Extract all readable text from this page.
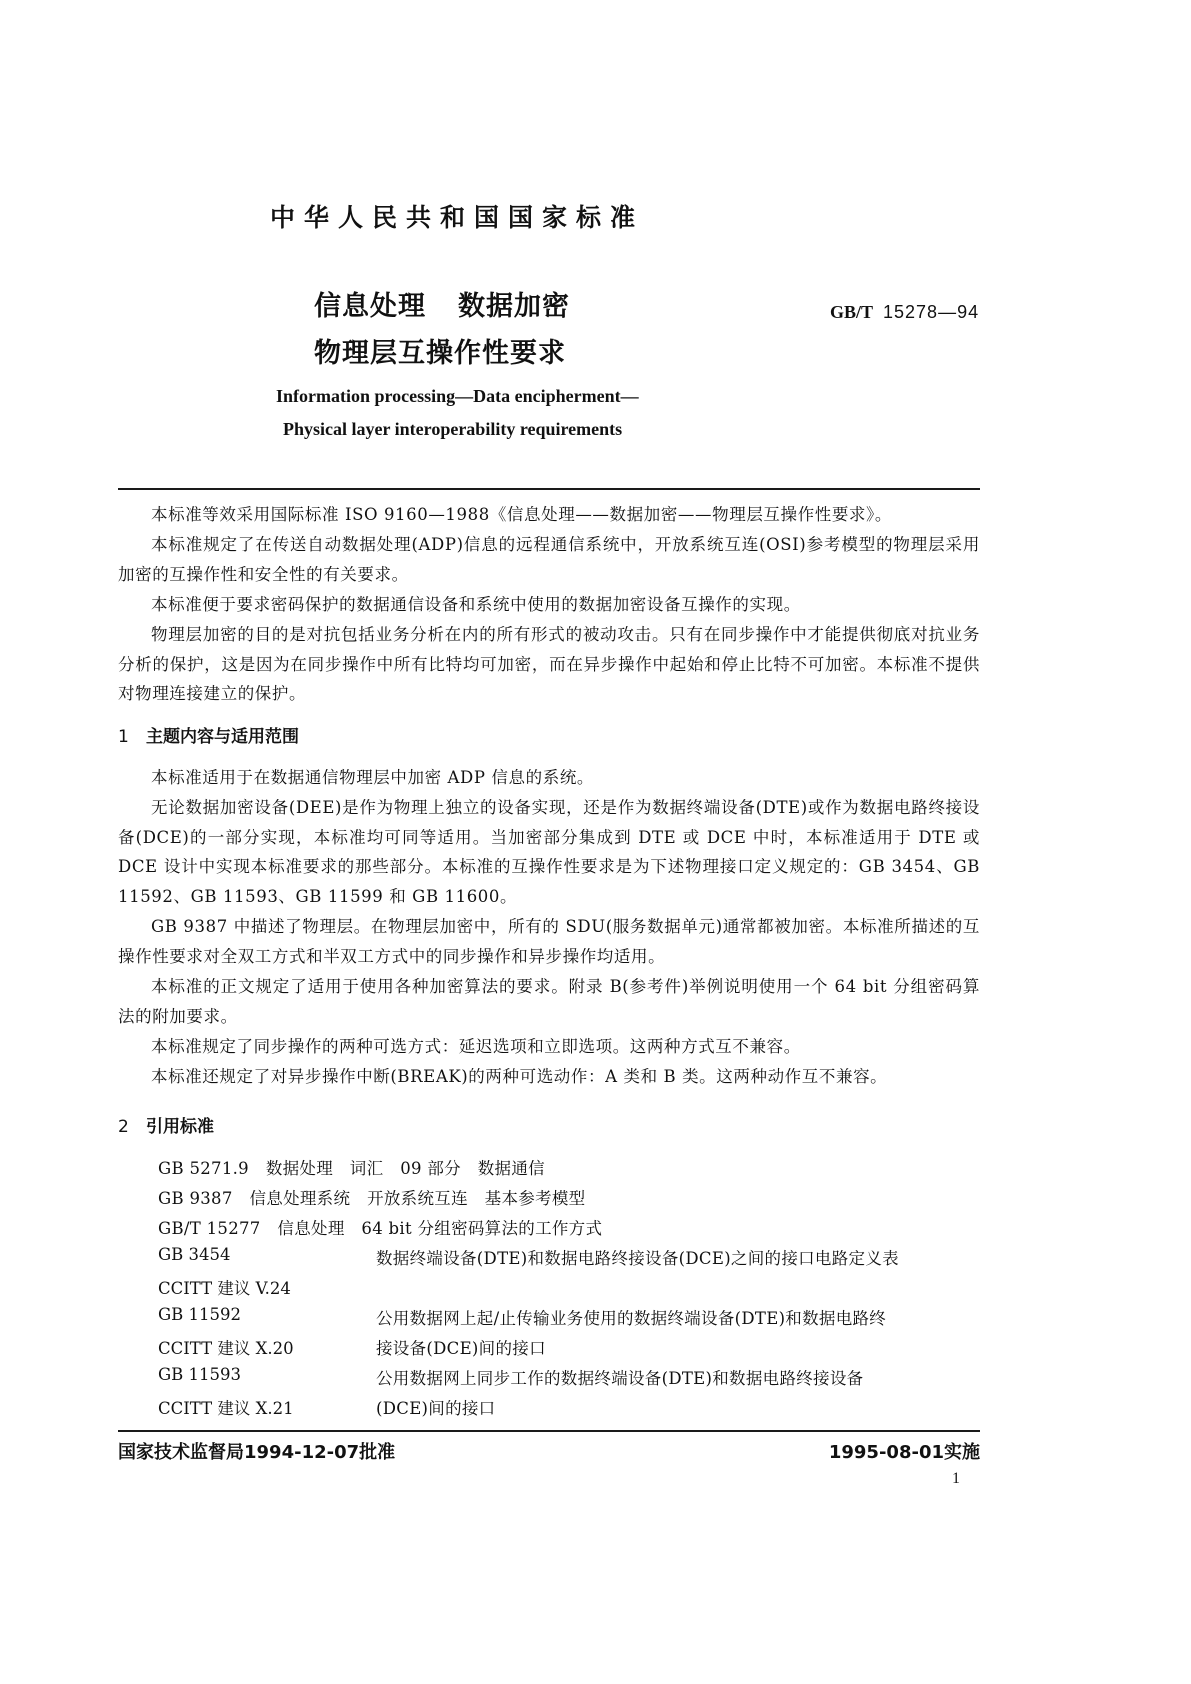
中华人民共和国国家标准
信息处理 数据加密
物理层互操作性要求
GB/T 15278—94
Information processing—Data encipherment—
Physical layer interoperability requirements
本标准等效采用国际标准 ISO 9160—1988《信息处理——数据加密——物理层互操作性要求》。
本标准规定了在传送自动数据处理(ADP)信息的远程通信系统中，开放系统互连(OSI)参考模型的物理层采用加密的互操作性和安全性的有关要求。
本标准便于要求密码保护的数据通信设备和系统中使用的数据加密设备互操作的实现。
物理层加密的目的是对抗包括业务分析在内的所有形式的被动攻击。只有在同步操作中才能提供彻底对抗业务分析的保护，这是因为在同步操作中所有比特均可加密，而在异步操作中起始和停止比特不可加密。本标准不提供对物理连接建立的保护。
1 主题内容与适用范围
本标准适用于在数据通信物理层中加密 ADP 信息的系统。
无论数据加密设备(DEE)是作为物理上独立的设备实现，还是作为数据终端设备(DTE)或作为数据电路终接设备(DCE)的一部分实现，本标准均可同等适用。当加密部分集成到 DTE 或 DCE 中时，本标准适用于 DTE 或 DCE 设计中实现本标准要求的那些部分。本标准的互操作性要求是为下述物理接口定义规定的：GB 3454、GB 11592、GB 11593、GB 11599 和 GB 11600。
GB 9387 中描述了物理层。在物理层加密中，所有的 SDU(服务数据单元)通常都被加密。本标准所描述的互操作性要求对全双工方式和半双工方式中的同步操作和异步操作均适用。
本标准的正文规定了适用于使用各种加密算法的要求。附录 B(参考件)举例说明使用一个 64 bit 分组密码算法的附加要求。
本标准规定了同步操作的两种可选方式：延迟选项和立即选项。这两种方式互不兼容。
本标准还规定了对异步操作中断(BREAK)的两种可选动作：A 类和 B 类。这两种动作互不兼容。
2 引用标准
GB 5271.9　 数据处理　词汇　09 部分　数据通信
GB 9387　 信息处理系统　开放系统互连　基本参考模型
GB/T 15277　 信息处理　64 bit 分组密码算法的工作方式
GB 3454	数据终端设备(DTE)和数据电路终接设备(DCE)之间的接口电路定义表
CCITT 建议 V.24
GB 11592	公用数据网上起/止传输业务使用的数据终端设备(DTE)和数据电路终
CCITT 建议 X.20	接设备(DCE)间的接口
GB 11593	公用数据网上同步工作的数据终端设备(DTE)和数据电路终接设备
CCITT 建议 X.21	(DCE)间的接口
国家技术监督局1994-12-07批准	1995-08-01实施
1
